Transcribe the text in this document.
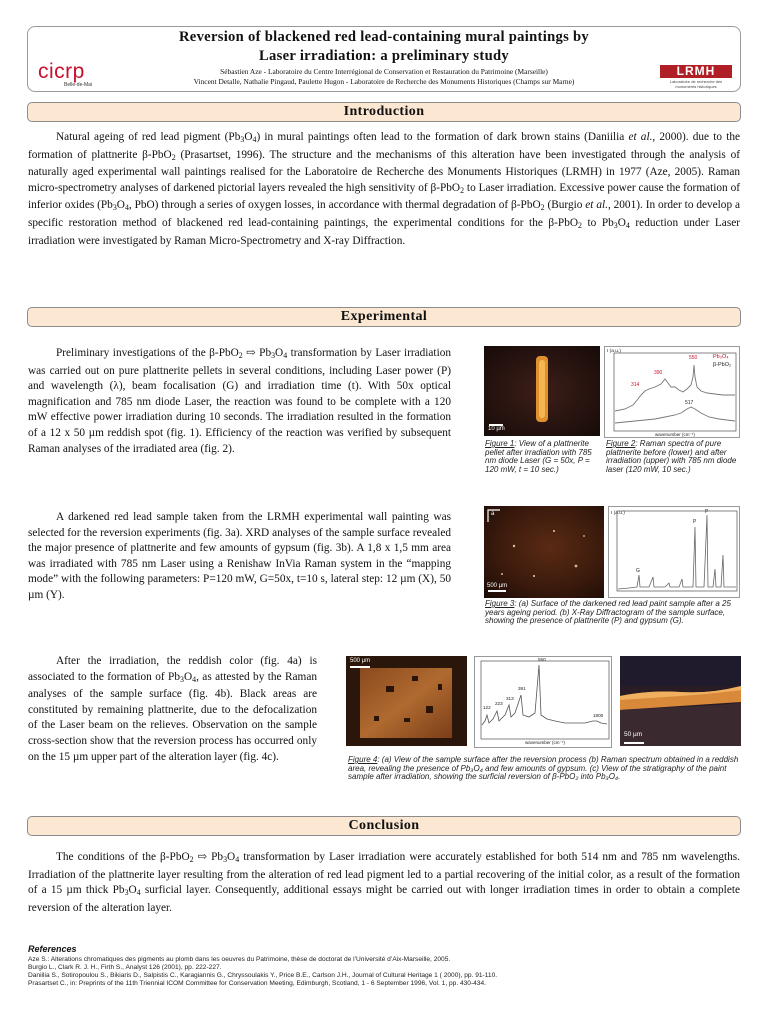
Reversion of blackened red lead-containing mural paintings by
Laser irradiation: a preliminary study
Sébastien Aze - Laboratoire du Centre Interrégional de Conservation et Restauration du Patrimoine (Marseille)
Vincent Detalle, Nathalie Pingaud, Paulette Hugon - Laboratoire de Recherche des Monuments Historiques (Champs sur Marne)
cicrp
Belle-de-Mai
LRMH
Laboratoire de recherche des monuments historiques
Introduction
Natural ageing of red lead pigment $(Pb_3O_4)$ in mural paintings often lead to the formation of dark brown stains (Daniilia et al., 2000). due to the formation of plattnerite β-PbO$_2$ (Prasartset, 1996). The structure and the mechanisms of this alteration have been investigated through the analysis of naturally aged experimental wall paintings realised for the Laboratoire de Recherche des Monuments Historiques (LRMH) in 1977 (Aze, 2005). Raman micro-spectrometry analyses of darkened pictorial layers revealed the high sensitivity of β-PbO$_2$ to Laser irradiation. Excessive power cause the formation of inferior oxides ($Pb_3O_4$, PbO) through a series of oxygen losses, in accordance with thermal degradation of β-PbO$_2$ (Burgio et al., 2001). In order to develop a specific restoration method of blackened red lead-containing paintings, the experimental conditions for the β-PbO$_2$ to $Pb_3O_4$ reduction under Laser irradiation were investigated by Raman Micro-Spectrometry and X-ray Diffraction.
Experimental
Preliminary investigations of the β-PbO$_2$ ⇨ $Pb_3O_4$ transformation by Laser irradiation was carried out on pure plattnerite pellets in several conditions, including Laser power (P) and wavelength (λ), beam focalisation (G) and irradiation time (t). With 50x optical magnification and 785 nm diode Laser, the reaction was found to be complete with a 120 mW effective power irradiation during 10 seconds. The irradiation resulted in the formation of a 12 x 50 µm reddish spot (fig. 1). Efficiency of the reaction was verified by subsequent Raman analyses of the irradiated area (fig. 2).
A darkened red lead sample taken from the LRMH experimental wall painting was selected for the reversion experiments (fig. 3a). XRD analyses of the sample surface revealed the major presence of plattnerite and few amounts of gypsum (fig. 3b). A 1,8 x 1,5 mm area was irradiated with 785 nm Laser using a Renishaw InVia Raman system in the “mapping mode” with the following parameters: P=120 mW, G=50x, t=10 s, lateral step: 12 µm (X), 50 µm (Y).
After the irradiation, the reddish color (fig. 4a) is associated to the formation of $Pb_3O_4$, as attested by the Raman analyses of the sample surface (fig. 4b). Black areas are constituted by remaining plattnerite, due to the defocalization of the Laser beam on the relieves. Observation on the sample cross-section show that the reversion process has occurred only on the 15 µm upper part of the alteration layer (fig. 4c).
10 µm
Figure 1: View of a plattnerite pellet after irradiation with 785 nm diode Laser (G = 50x, P = 120 mW, t = 10 sec.)
I (a.u.)
314
390
550
517
Pb₃O₄
β-PbO₂
wavenumber (cm⁻¹)
Figure 2: Raman spectra of pure plattnerite before (lower) and after irradiation (upper) with 785 nm diode laser (120 mW, 10 sec.)
a
500 µm
I (a.u.)
P
P
G
Figure 3: (a) Surface of the darkened red lead paint sample after a 25 years ageing period. (b) X-Ray Diffractogram of the sample surface, showing the presence of plattnerite (P) and gypsum (G).
500 µm
122
223
313
391
550
1800
wavenumber (cm⁻¹)
50 µm
Figure 4: (a) View of the sample surface after the reversion process (b) Raman spectrum obtained in a reddish area, revealing the presence of Pb₃O₄ and few amounts of gypsum. (c) View of the stratigraphy of the paint sample after irradiation, showing the surficial reversion of β-PbO₂ into Pb₃O₄.
Conclusion
The conditions of the β-PbO$_2$ ⇨ $Pb_3O_4$ transformation by Laser irradiation were accurately established for both 514 nm and 785 nm wavelengths. Irradiation of the plattnerite layer resulting from the alteration of red lead pigment led to a partial recovering of the initial color, as a result of the formation of a 15 µm thick $Pb_3O_4$ surficial layer. Consequently, additional essays might be carried out with longer irradiation times in order to obtain a complete reversion of the alteration layer.
References
Aze S.: Alterations chromatiques des pigments au plomb dans les oeuvres du Patrimoine, thèse de doctorat de l’Université d’Aix-Marseille, 2005.
Burgio L., Clark R. J. H., Firth S., Analyst 126 (2001), pp. 222-227.
Daniilia S., Sotiropoulou S., Bikiaris D., Salpistis C., Karagiannis G., Chryssoulakis Y., Price B.E., Carlson J.H., Journal of Cultural Heritage 1 ( 2000), pp. 91-110.
Prasartset C., in: Preprints of the 11th Triennial ICOM Committee for Conservation Meeting, Edimburgh, Scotland, 1 - 6 September 1996, Vol. 1, pp. 430-434.
